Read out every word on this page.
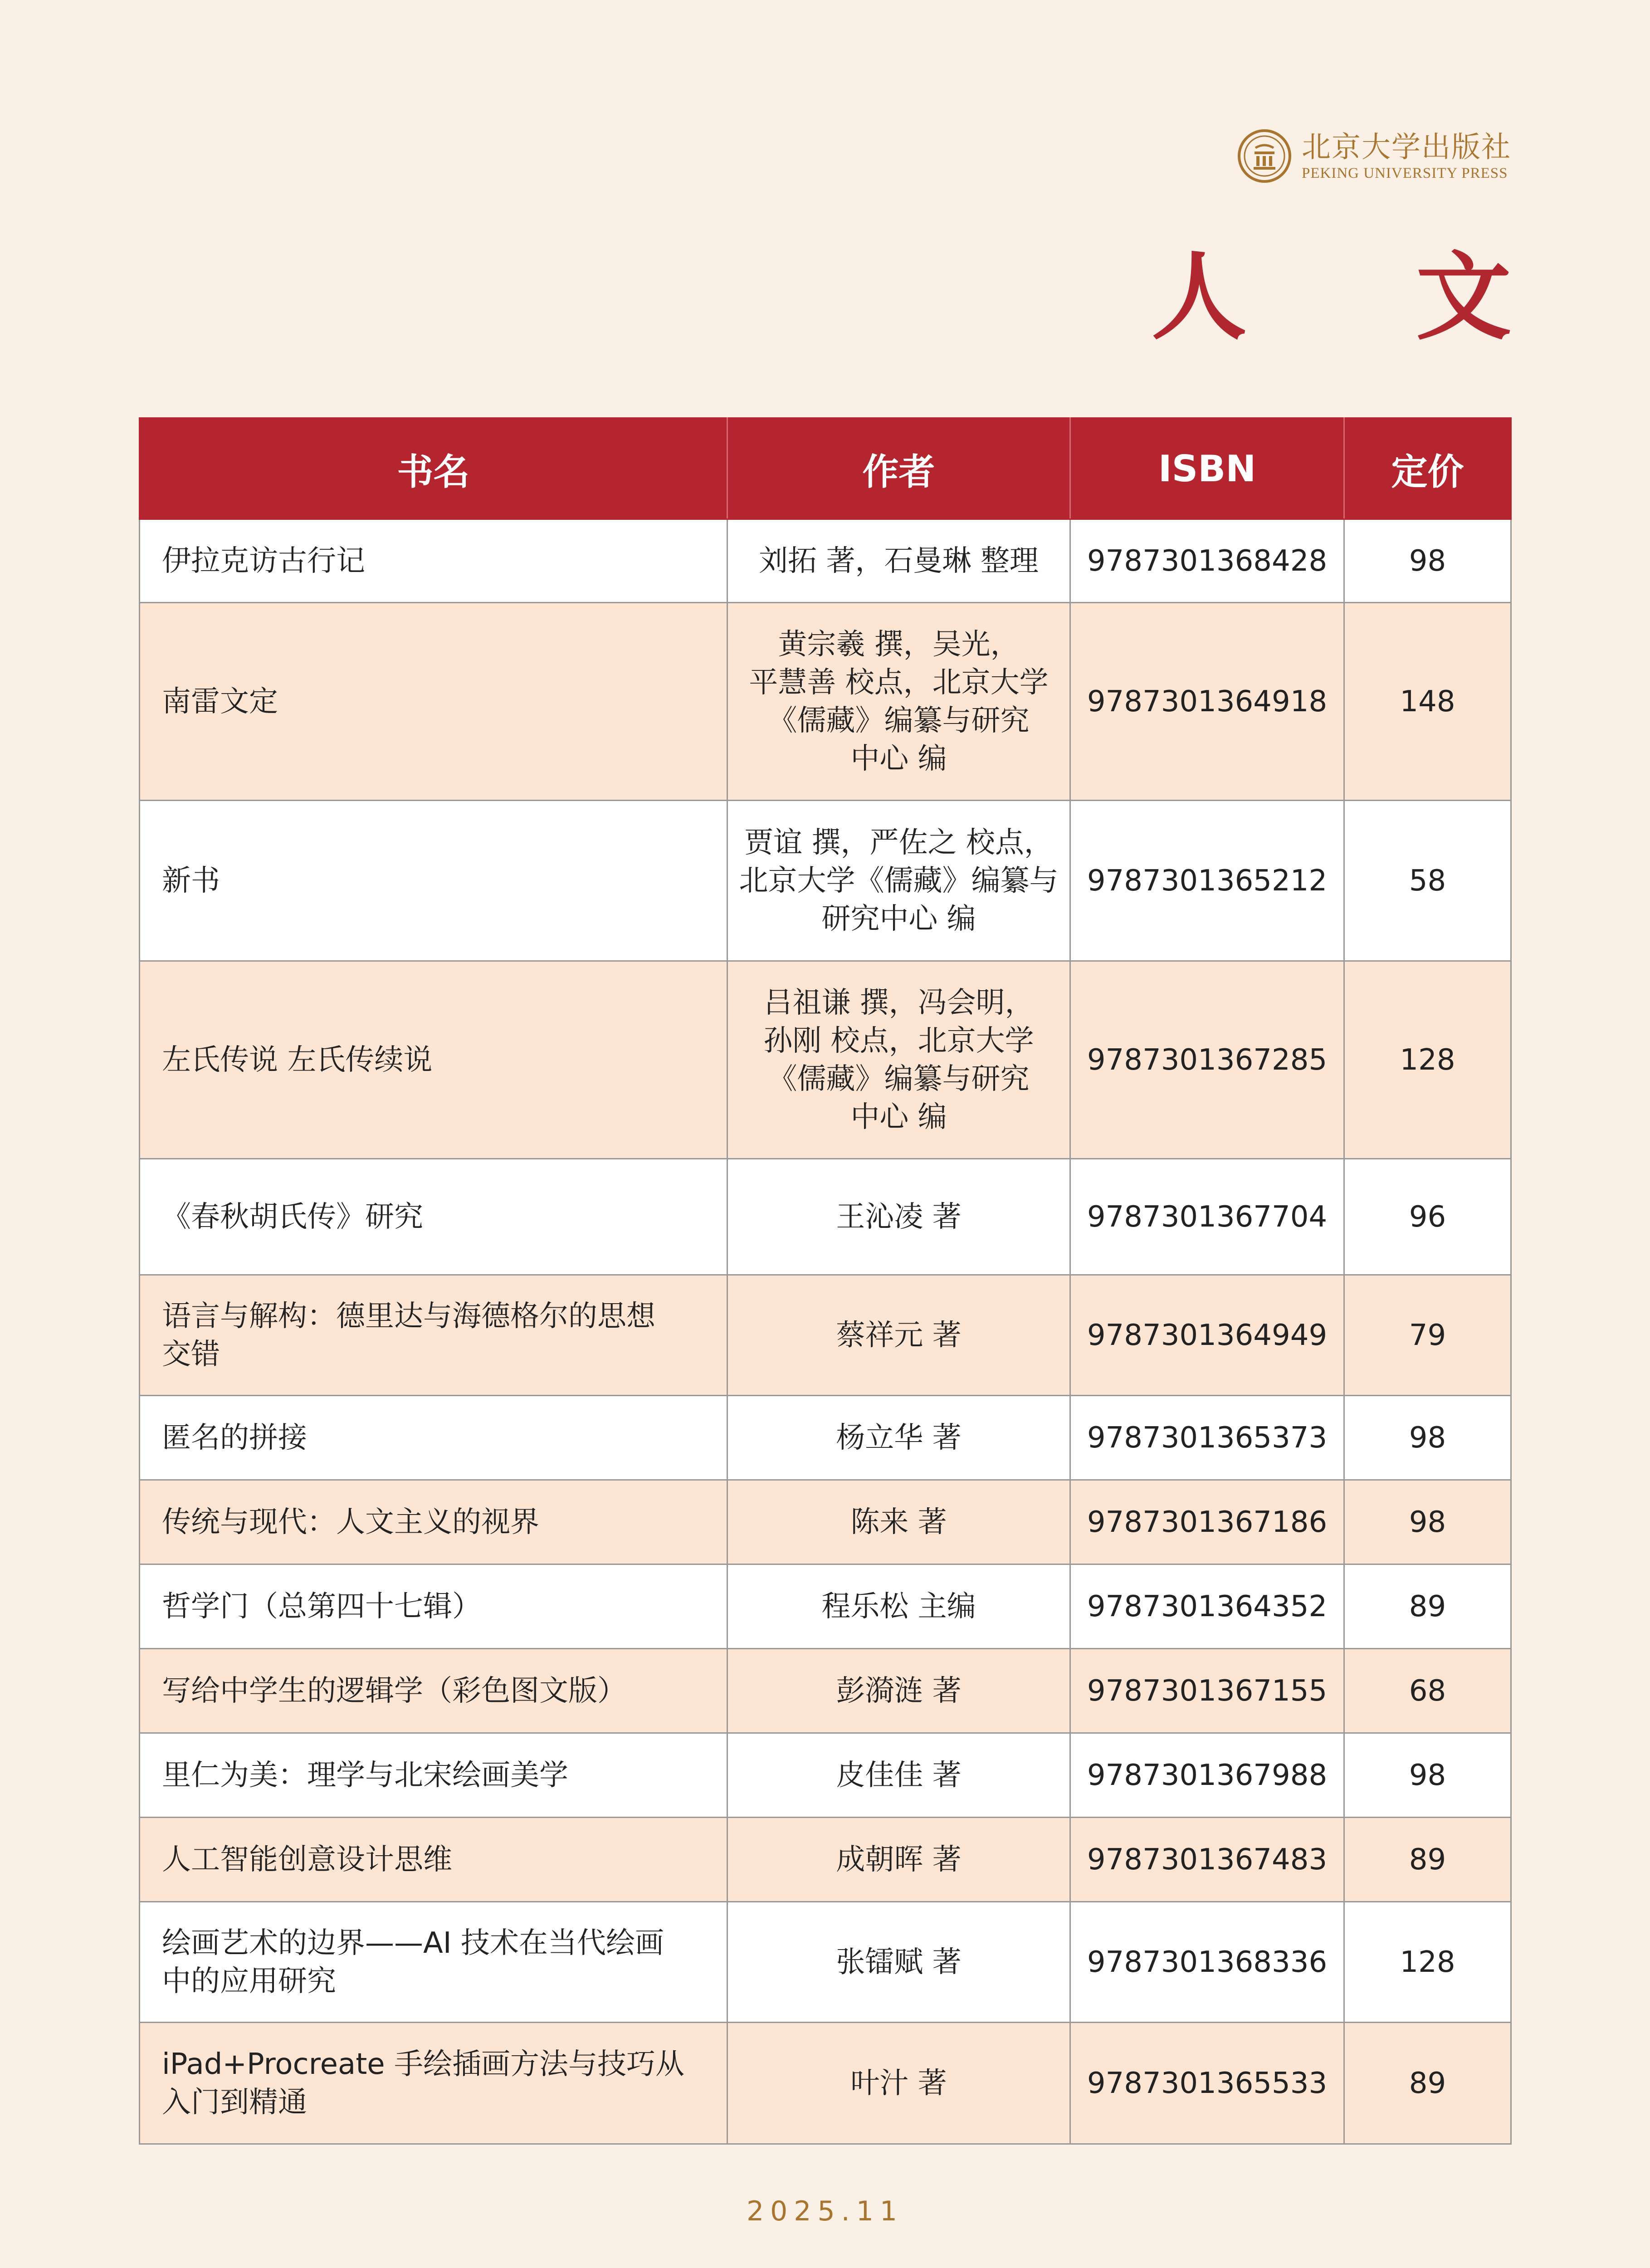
北京大学出版社
PEKING UNIVERSITY PRESS
人 文
书名	作者	ISBN	定价
伊拉克访古行记	刘拓 著，石曼琳 整理	9787301368428	98
南雷文定	黄宗羲 撰，吴光，
平慧善 校点，北京大学
《儒藏》编纂与研究
中心 编	9787301364918	148
新书	贾谊 撰，严佐之 校点，
北京大学《儒藏》编纂与
研究中心 编	9787301365212	58
左氏传说 左氏传续说	吕祖谦 撰，冯会明，
孙刚 校点，北京大学
《儒藏》编纂与研究
中心 编	9787301367285	128
《春秋胡氏传》研究	王沁凌 著	9787301367704	96
语言与解构：德里达与海德格尔的思想
交错	蔡祥元 著	9787301364949	79
匿名的拼接	杨立华 著	9787301365373	98
传统与现代：人文主义的视界	陈来 著	9787301367186	98
哲学门（总第四十七辑）	程乐松 主编	9787301364352	89
写给中学生的逻辑学（彩色图文版）	彭漪涟 著	9787301367155	68
里仁为美：理学与北宋绘画美学	皮佳佳 著	9787301367988	98
人工智能创意设计思维	成朝晖 著	9787301367483	89
绘画艺术的边界——AI 技术在当代绘画
中的应用研究	张镭赋 著	9787301368336	128
iPad+Procreate 手绘插画方法与技巧从
入门到精通	叶汁 著	9787301365533	89
2025.11
